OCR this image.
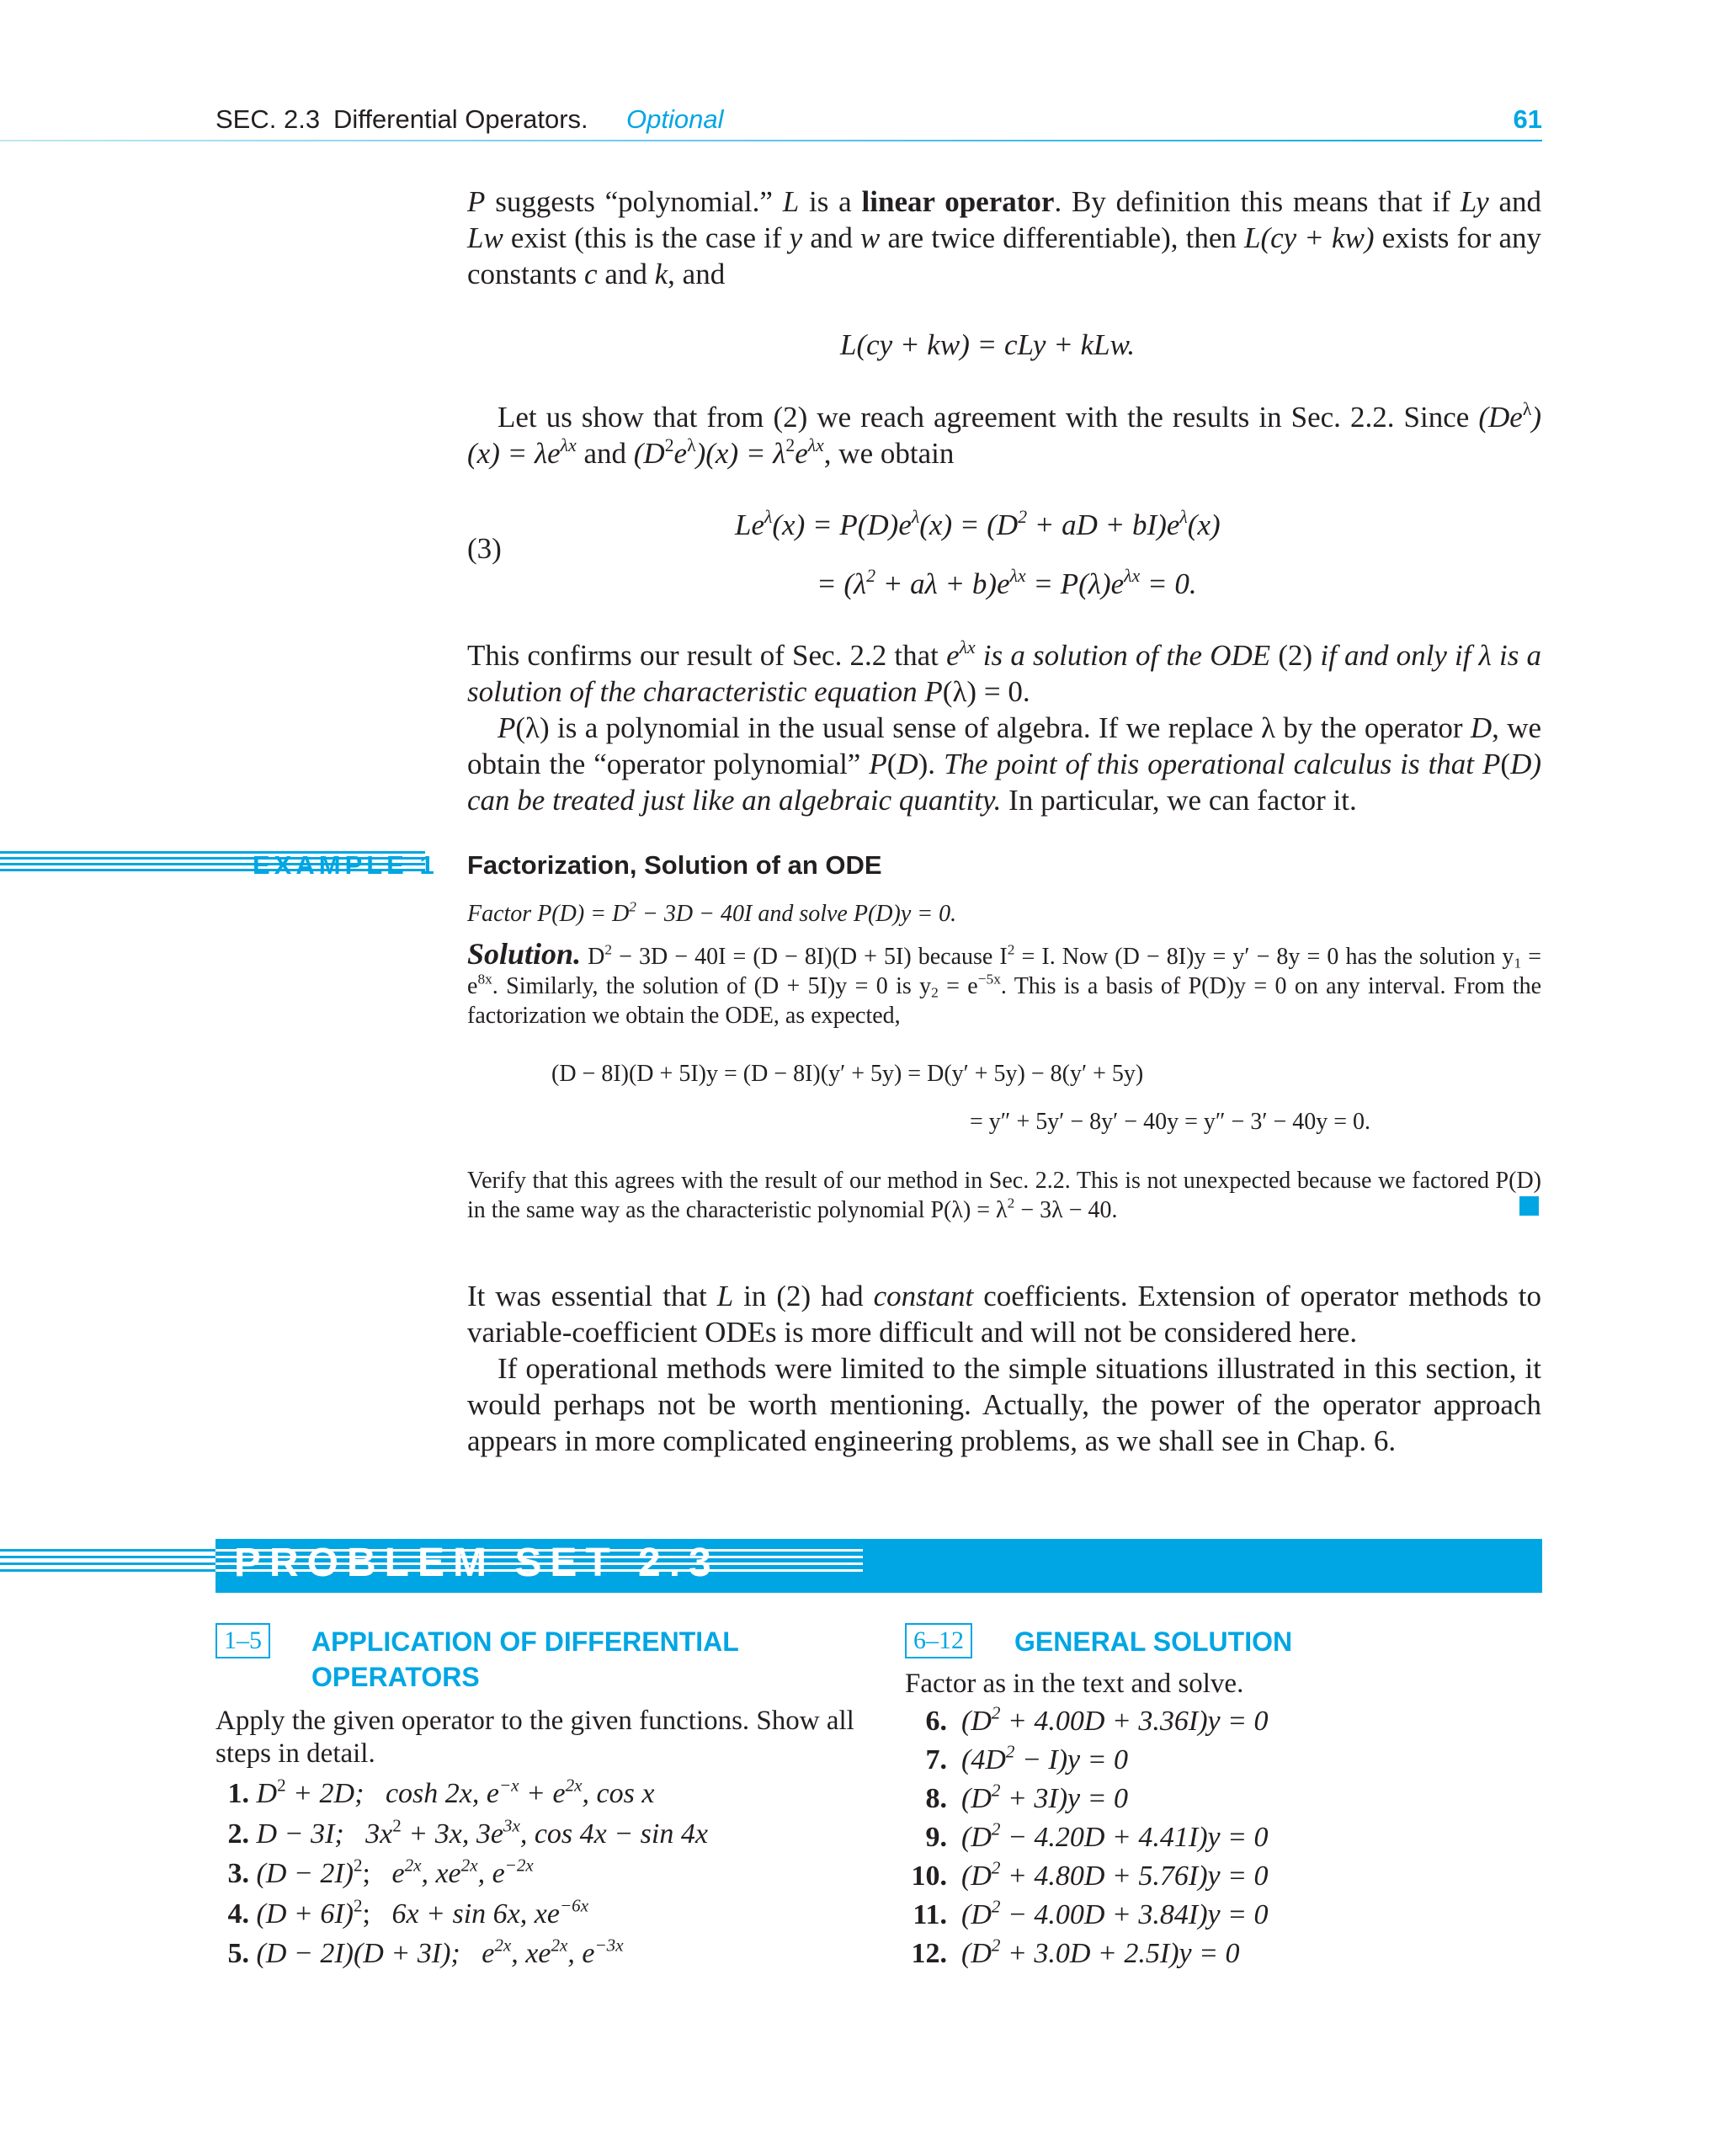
SEC. 2.3 Differential Operators. Optional	61
P suggests “polynomial.” L is a linear operator. By definition this means that if Ly and Lw exist (this is the case if y and w are twice differentiable), then L(cy + kw) exists for any constants c and k, and
L(cy + kw) = cLy + kLw.
Let us show that from (2) we reach agreement with the results in Sec. 2.2. Since $(De^\lambda)(x) = \lambda e^{\lambda x}$ and $(D^2e^\lambda)(x) = \lambda^2e^{\lambda x}$, we obtain
(3)
$Le^\lambda(x) = P(D)e^\lambda(x) = (D^2$ + aD + $bI)e^\lambda(x)$
= $(\lambda^2 + a\lambda + b)e^{\lambda x} = P(\lambda)e^{\lambda x} = 0$.
This confirms our result of Sec. 2.2 that $e^{\lambda x}$ is a solution of the ODE (2) if and only if λ is a solution of the characteristic equation P(λ) = 0.
P(λ) is a polynomial in the usual sense of algebra. If we replace λ by the operator D, we obtain the “operator polynomial” P(D). The point of this operational calculus is that P(D) can be treated just like an algebraic quantity. In particular, we can factor it.
EXAMPLE 1 Factorization, Solution of an ODE
Factor $P(D) = D^2 - 3D - 40I$ and solve P(D)y = 0.
Solution. $D^2 - 3D - 40I = (D - 8I)(D + 5I)$ because $I^2 = I$. Now (D − 8I)y = y′ − 8y = 0 has the solution $y_1 = e^{8x}$. Similarly, the solution of (D + 5I)y = 0 is $y_2 = e^{-5x}$. This is a basis of P(D)y = 0 on any interval. From the factorization we obtain the ODE, as expected,
(D − 8I)(D + 5I)y = (D − 8I)(y′ + 5y) = D(y′ + 5y) − 8(y′ + 5y)
= y″ + 5y′ − 8y′ − 40y = y″ − 3′ − 40y = 0.
Verify that this agrees with the result of our method in Sec. 2.2. This is not unexpected because we factored P(D) in the same way as the characteristic polynomial $P(\lambda) = \lambda^2 - 3\lambda - 40$.
It was essential that L in (2) had constant coefficients. Extension of operator methods to variable-coefficient ODEs is more difficult and will not be considered here.
If operational methods were limited to the simple situations illustrated in this section, it would perhaps not be worth mentioning. Actually, the power of the operator approach appears in more complicated engineering problems, as we shall see in Chap. 6.
PROBLEM SET 2.3
1–5	APPLICATION OF DIFFERENTIAL OPERATORS
Apply the given operator to the given functions. Show all steps in detail.
1. $D^2 + 2D$; cosh 2x, $e^{-x} + e^{2x}$, cos x
2. D − 3I; $3x^2 + 3x$, $3e^{3x}$, cos 4x − sin 4x
3. $(D - 2I)^2$; $e^{2x}$, $xe^{2x}$, $e^{-2x}$
4. $(D + 6I)^2$; 6x + sin 6x, $xe^{-6x}$
5. (D − 2I)(D + 3I); $e^{2x}$, $xe^{2x}$, $e^{-3x}$
6–12	GENERAL SOLUTION
Factor as in the text and solve.
6. $(D^2 + 4.00D + 3.36I)y = 0$
7. $(4D^2 - I)y = 0$
8. $(D^2 + 3I)y = 0$
9. $(D^2 - 4.20D + 4.41I)y = 0$
10. $(D^2 + 4.80D + 5.76I)y = 0$
11. $(D^2 - 4.00D + 3.84I)y = 0$
12. $(D^2 + 3.0D + 2.5I)y = 0$
